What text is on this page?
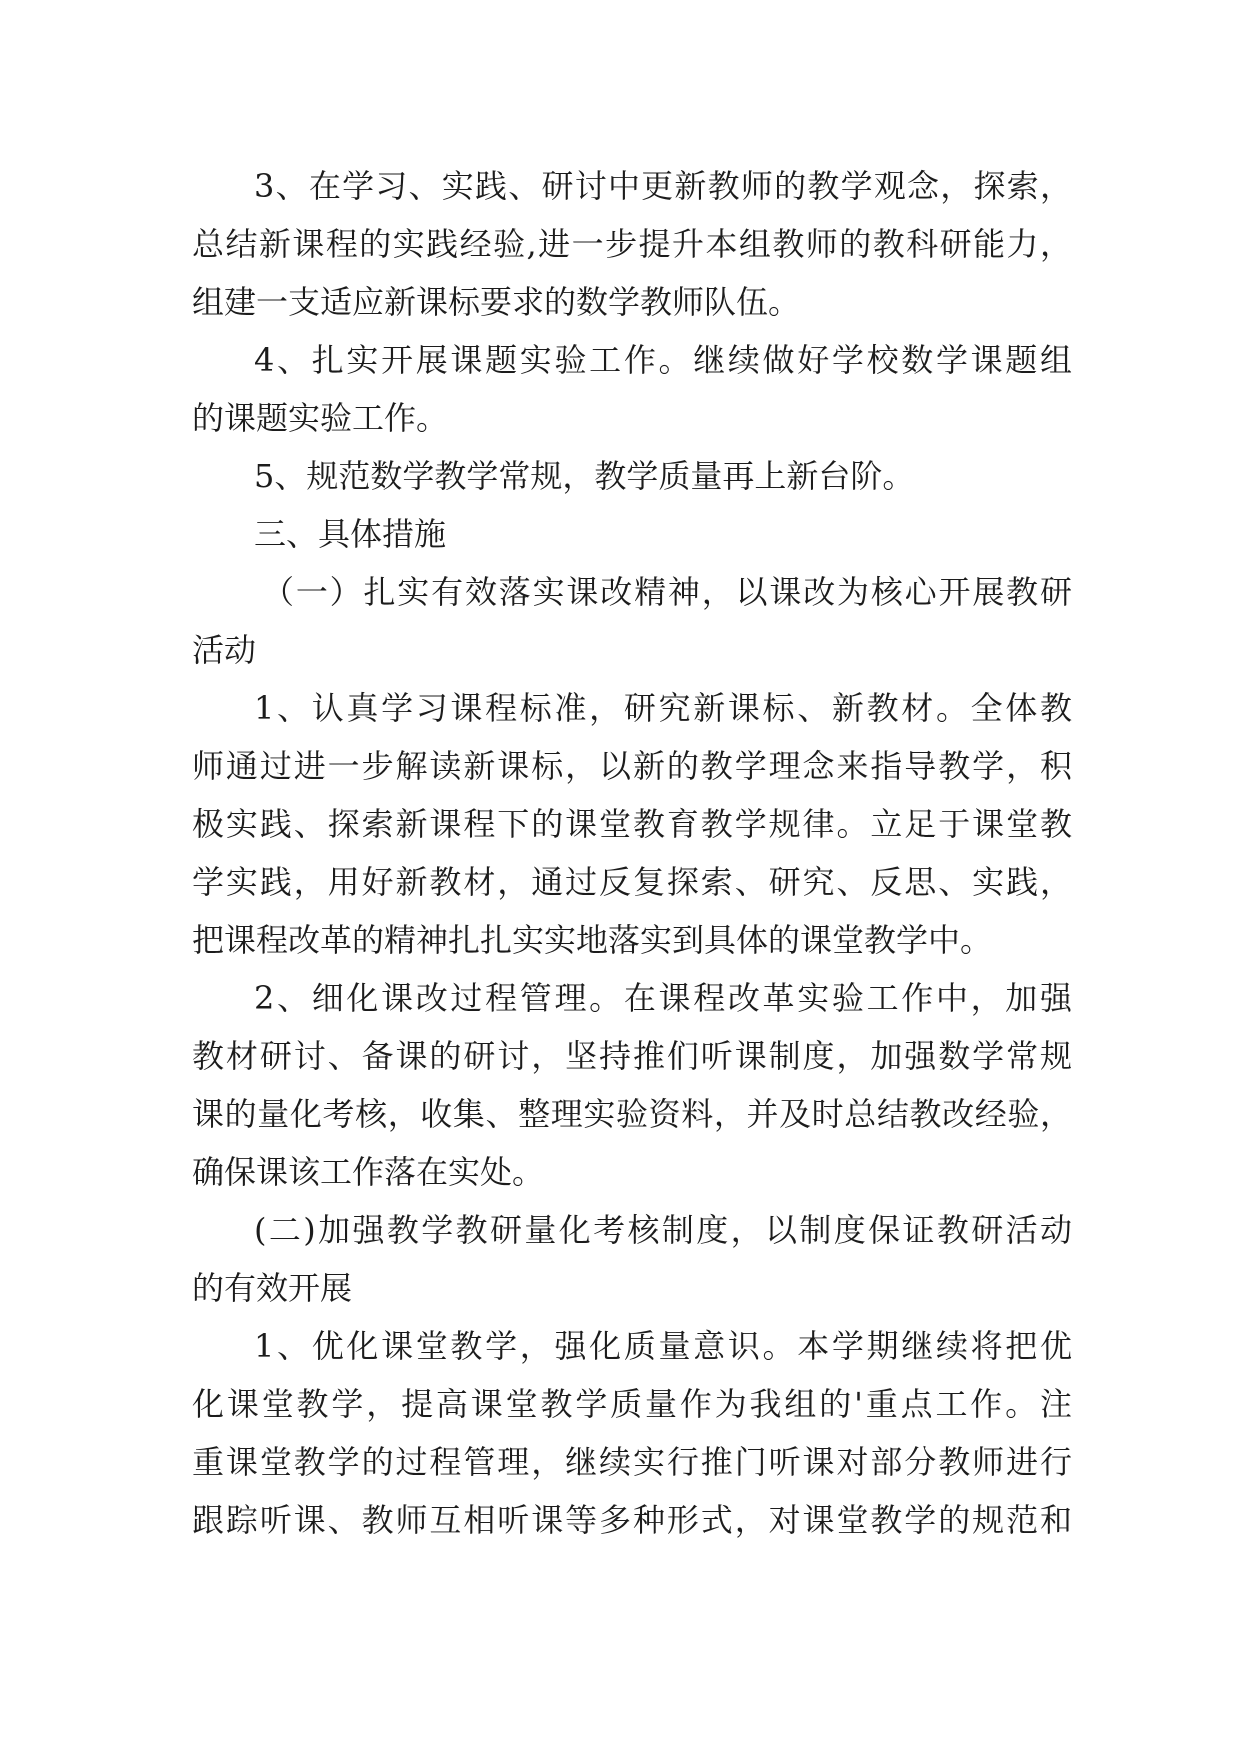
3、在学习、实践、研讨中更新教师的教学观念，探索，
总结新课程的实践经验,进一步提升本组教师的教科研能力，
组建一支适应新课标要求的数学教师队伍。
4、扎实开展课题实验工作。继续做好学校数学课题组
的课题实验工作。
5、规范数学教学常规，教学质量再上新台阶。
三、具体措施
（一）扎实有效落实课改精神，以课改为核心开展教研
活动
1、认真学习课程标准，研究新课标、新教材。全体教
师通过进一步解读新课标，以新的教学理念来指导教学，积
极实践、探索新课程下的课堂教育教学规律。立足于课堂教
学实践，用好新教材，通过反复探索、研究、反思、实践，
把课程改革的精神扎扎实实地落实到具体的课堂教学中。
2、细化课改过程管理。在课程改革实验工作中，加强
教材研讨、备课的研讨，坚持推们听课制度，加强数学常规
课的量化考核，收集、整理实验资料，并及时总结教改经验，
确保课该工作落在实处。
(二)加强教学教研量化考核制度，以制度保证教研活动
的有效开展
1、优化课堂教学，强化质量意识。本学期继续将把优
化课堂教学，提高课堂教学质量作为我组的'重点工作。注
重课堂教学的过程管理，继续实行推门听课对部分教师进行
跟踪听课、教师互相听课等多种形式，对课堂教学的规范和
